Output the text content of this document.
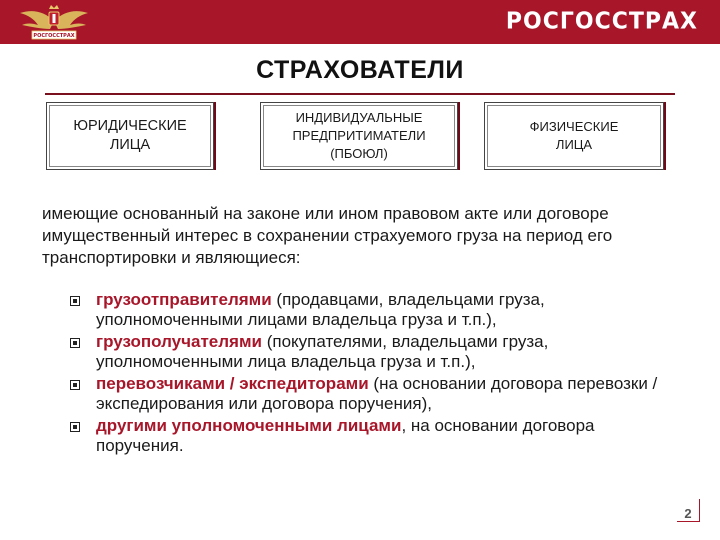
РОСГОССТРАХ
РОСГОССТРАХ
СТРАХОВАТЕЛИ
ЮРИДИЧЕСКИЕ
ЛИЦА
ИНДИВИДУАЛЬНЫЕ
ПРЕДПРИТИМАТЕЛИ
(ПБОЮЛ)
ФИЗИЧЕСКИЕ
ЛИЦА
имеющие основанный на законе или ином правовом акте или договоре имущественный интерес в сохранении страхуемого груза на период его транспортировки и являющиеся:
грузоотправителями (продавцами, владельцами груза, уполномоченными лицами владельца груза и т.п.),
грузополучателями (покупателями, владельцами груза, уполномоченными лица владельца груза и т.п.),
перевозчиками / экспедиторами (на основании договора перевозки / экспедирования или договора поручения),
другими уполномоченными лицами, на основании договора поручения.
2
